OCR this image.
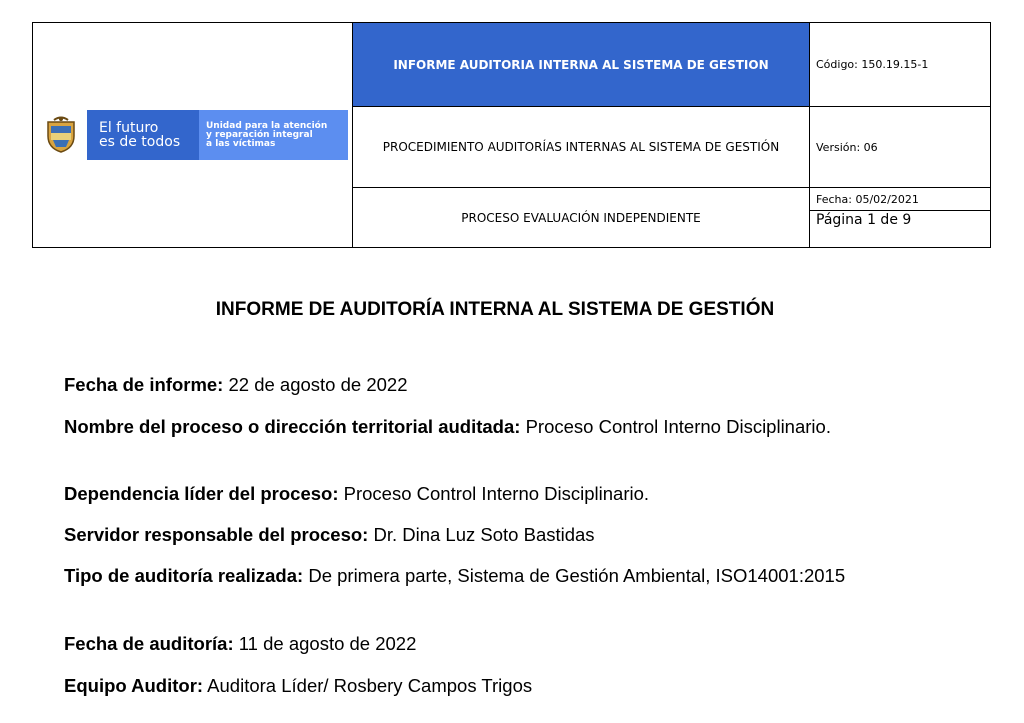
El futuro
es de todos
Unidad para la atención
y reparación integral
a las víctimas	INFORME AUDITORIA INTERNA AL SISTEMA DE GESTION	Código: 150.19.15-1
	PROCEDIMIENTO AUDITORÍAS INTERNAS AL SISTEMA DE GESTIÓN	Versión: 06
	PROCESO EVALUACIÓN INDEPENDIENTE	Fecha: 05/02/2021
Página 1 de 9
INFORME DE AUDITORÍA INTERNA AL SISTEMA DE GESTIÓN

Fecha de informe: 22 de agosto de 2022

Nombre del proceso o dirección territorial auditada: Proceso Control Interno Disciplinario.

Dependencia líder del proceso: Proceso Control Interno Disciplinario.

Servidor responsable del proceso: Dr. Dina Luz Soto Bastidas

Tipo de auditoría realizada: De primera parte, Sistema de Gestión Ambiental, ISO14001:2015

Fecha de auditoría: 11 de agosto de 2022

Equipo Auditor: Auditora Líder/ Rosbery Campos Trigos
